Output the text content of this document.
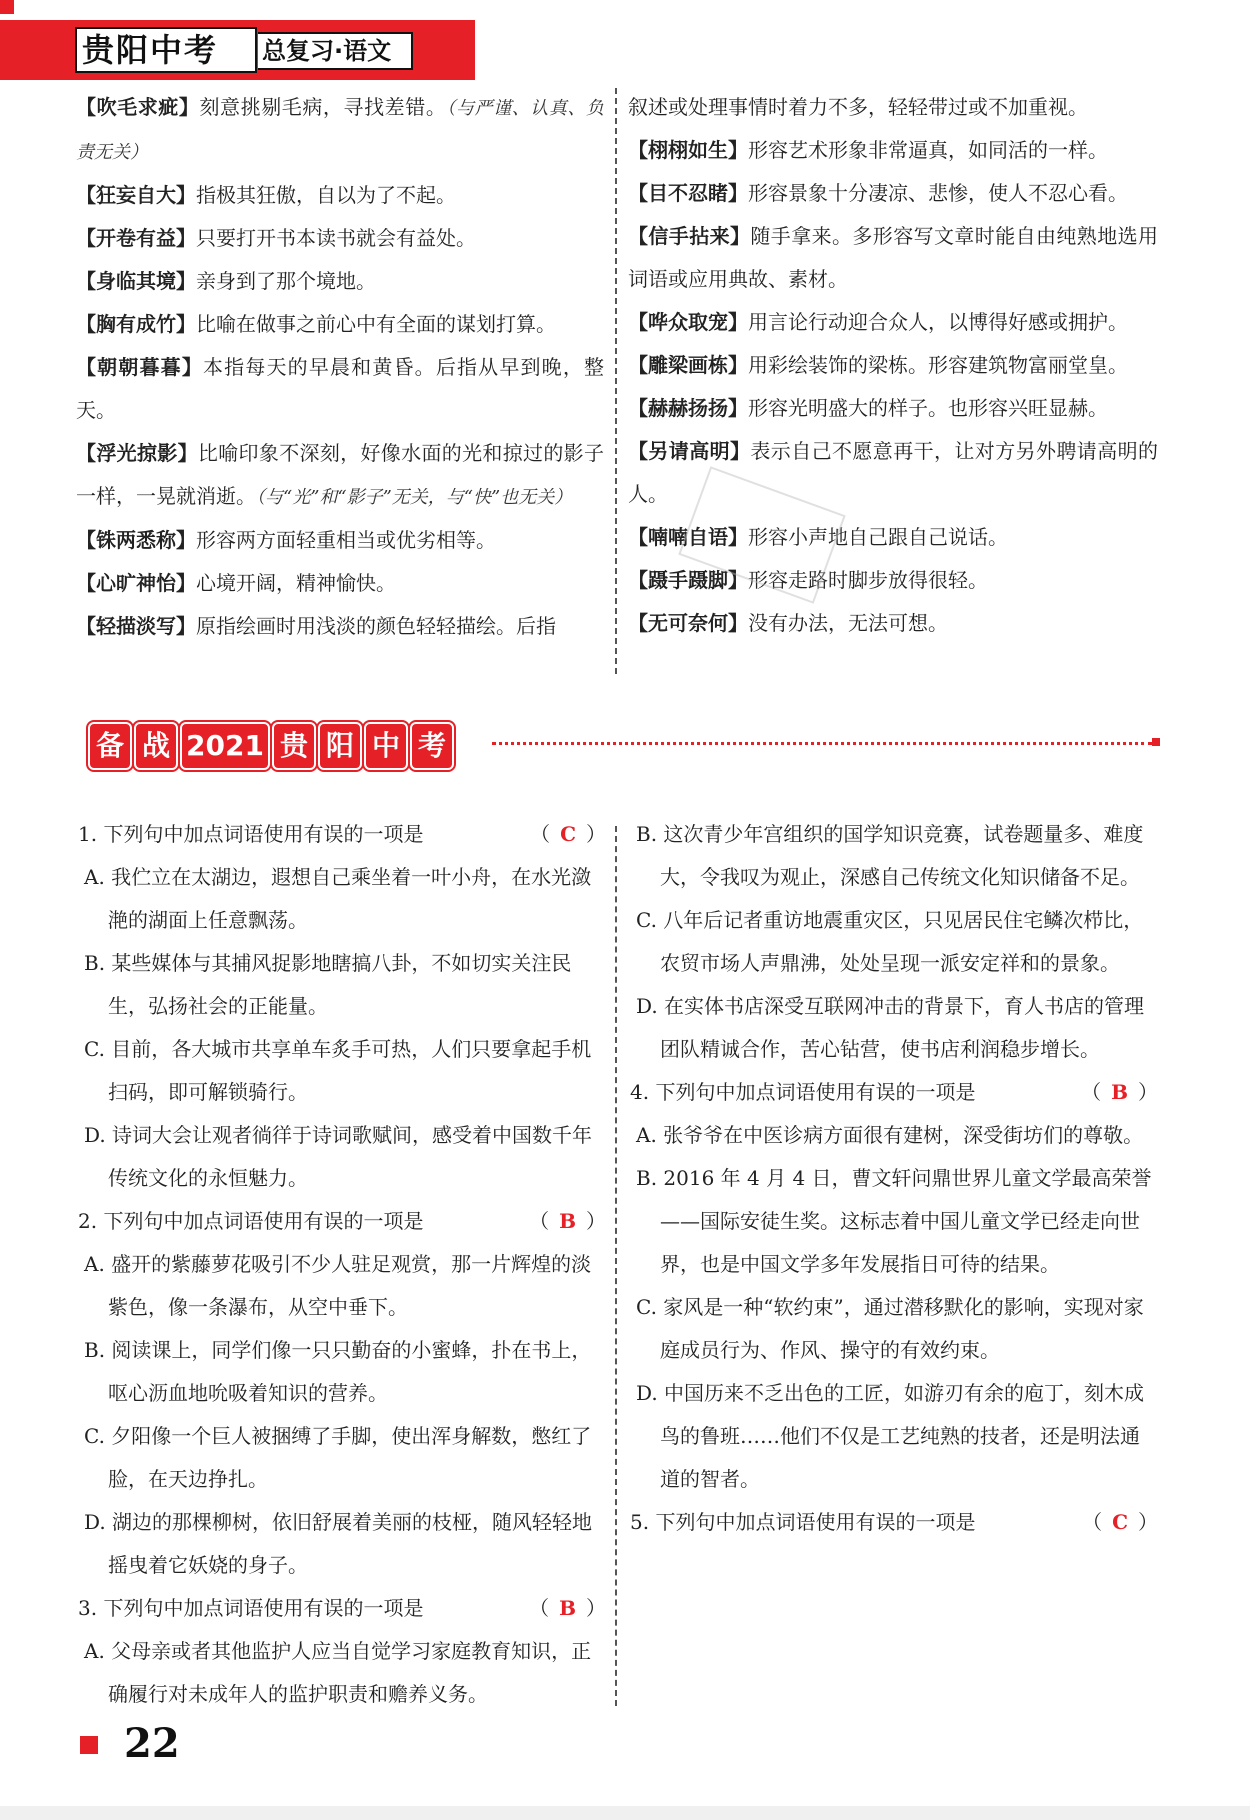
贵阳中考 总复习·语文

【吹毛求疵】刻意挑剔毛病，寻找差错。（与严谨、认真、负责无关）

【狂妄自大】指极其狂傲，自以为了不起。

【开卷有益】只要打开书本读书就会有益处。

【身临其境】亲身到了那个境地。

【胸有成竹】比喻在做事之前心中有全面的谋划打算。

【朝朝暮暮】本指每天的早晨和黄昏。后指从早到晚，整天。

【浮光掠影】比喻印象不深刻，好像水面的光和掠过的影子一样，一晃就消逝。（与“光”和“影子”无关，与“快”也无关）

【铢两悉称】形容两方面轻重相当或优劣相等。

【心旷神怡】心境开阔，精神愉快。

【轻描淡写】原指绘画时用浅淡的颜色轻轻描绘。后指

叙述或处理事情时着力不多，轻轻带过或不加重视。

【栩栩如生】形容艺术形象非常逼真，如同活的一样。

【目不忍睹】形容景象十分凄凉、悲惨，使人不忍心看。

【信手拈来】随手拿来。多形容写文章时能自由纯熟地选用词语或应用典故、素材。

【哗众取宠】用言论行动迎合众人，以博得好感或拥护。

【雕梁画栋】用彩绘装饰的梁栋。形容建筑物富丽堂皇。

【赫赫扬扬】形容光明盛大的样子。也形容兴旺显赫。

【另请高明】表示自己不愿意再干，让对方另外聘请高明的人。

【喃喃自语】形容小声地自己跟自己说话。

【蹑手蹑脚】形容走路时脚步放得很轻。

【无可奈何】没有办法，无法可想。

备 战 2021 贵 阳 中 考

1. 下列句中加点词语使用有误的一项是	（ C ）

A. 我伫立在太湖边，遐想自己乘坐着一叶小舟，在水光潋滟的湖面上任意飘荡。

B. 某些媒体与其捕风捉影地瞎搞八卦，不如切实关注民生，弘扬社会的正能量。

C. 目前，各大城市共享单车炙手可热，人们只要拿起手机扫码，即可解锁骑行。

D. 诗词大会让观者徜徉于诗词歌赋间，感受着中国数千年传统文化的永恒魅力。

2. 下列句中加点词语使用有误的一项是	（ B ）

A. 盛开的紫藤萝花吸引不少人驻足观赏，那一片辉煌的淡紫色，像一条瀑布，从空中垂下。

B. 阅读课上，同学们像一只只勤奋的小蜜蜂，扑在书上，呕心沥血地吮吸着知识的营养。

C. 夕阳像一个巨人被捆缚了手脚，使出浑身解数，憋红了脸，在天边挣扎。

D. 湖边的那棵柳树，依旧舒展着美丽的枝桠，随风轻轻地摇曳着它妖娆的身子。

3. 下列句中加点词语使用有误的一项是	（ B ）

A. 父母亲或者其他监护人应当自觉学习家庭教育知识，正确履行对未成年人的监护职责和赡养义务。

B. 这次青少年宫组织的国学知识竞赛，试卷题量多、难度大，令我叹为观止，深感自己传统文化知识储备不足。

C. 八年后记者重访地震重灾区，只见居民住宅鳞次栉比，农贸市场人声鼎沸，处处呈现一派安定祥和的景象。

D. 在实体书店深受互联网冲击的背景下，育人书店的管理团队精诚合作，苦心钻营，使书店利润稳步增长。

4. 下列句中加点词语使用有误的一项是	（ B ）

A. 张爷爷在中医诊病方面很有建树，深受街坊们的尊敬。

B. 2016 年 4 月 4 日，曹文轩问鼎世界儿童文学最高荣誉——国际安徒生奖。这标志着中国儿童文学已经走向世界，也是中国文学多年发展指日可待的结果。

C. 家风是一种“软约束”，通过潜移默化的影响，实现对家庭成员行为、作风、操守的有效约束。

D. 中国历来不乏出色的工匠，如游刃有余的庖丁，刻木成鸟的鲁班……他们不仅是工艺纯熟的技者，还是明法通道的智者。

5. 下列句中加点词语使用有误的一项是	（ C ）

22
